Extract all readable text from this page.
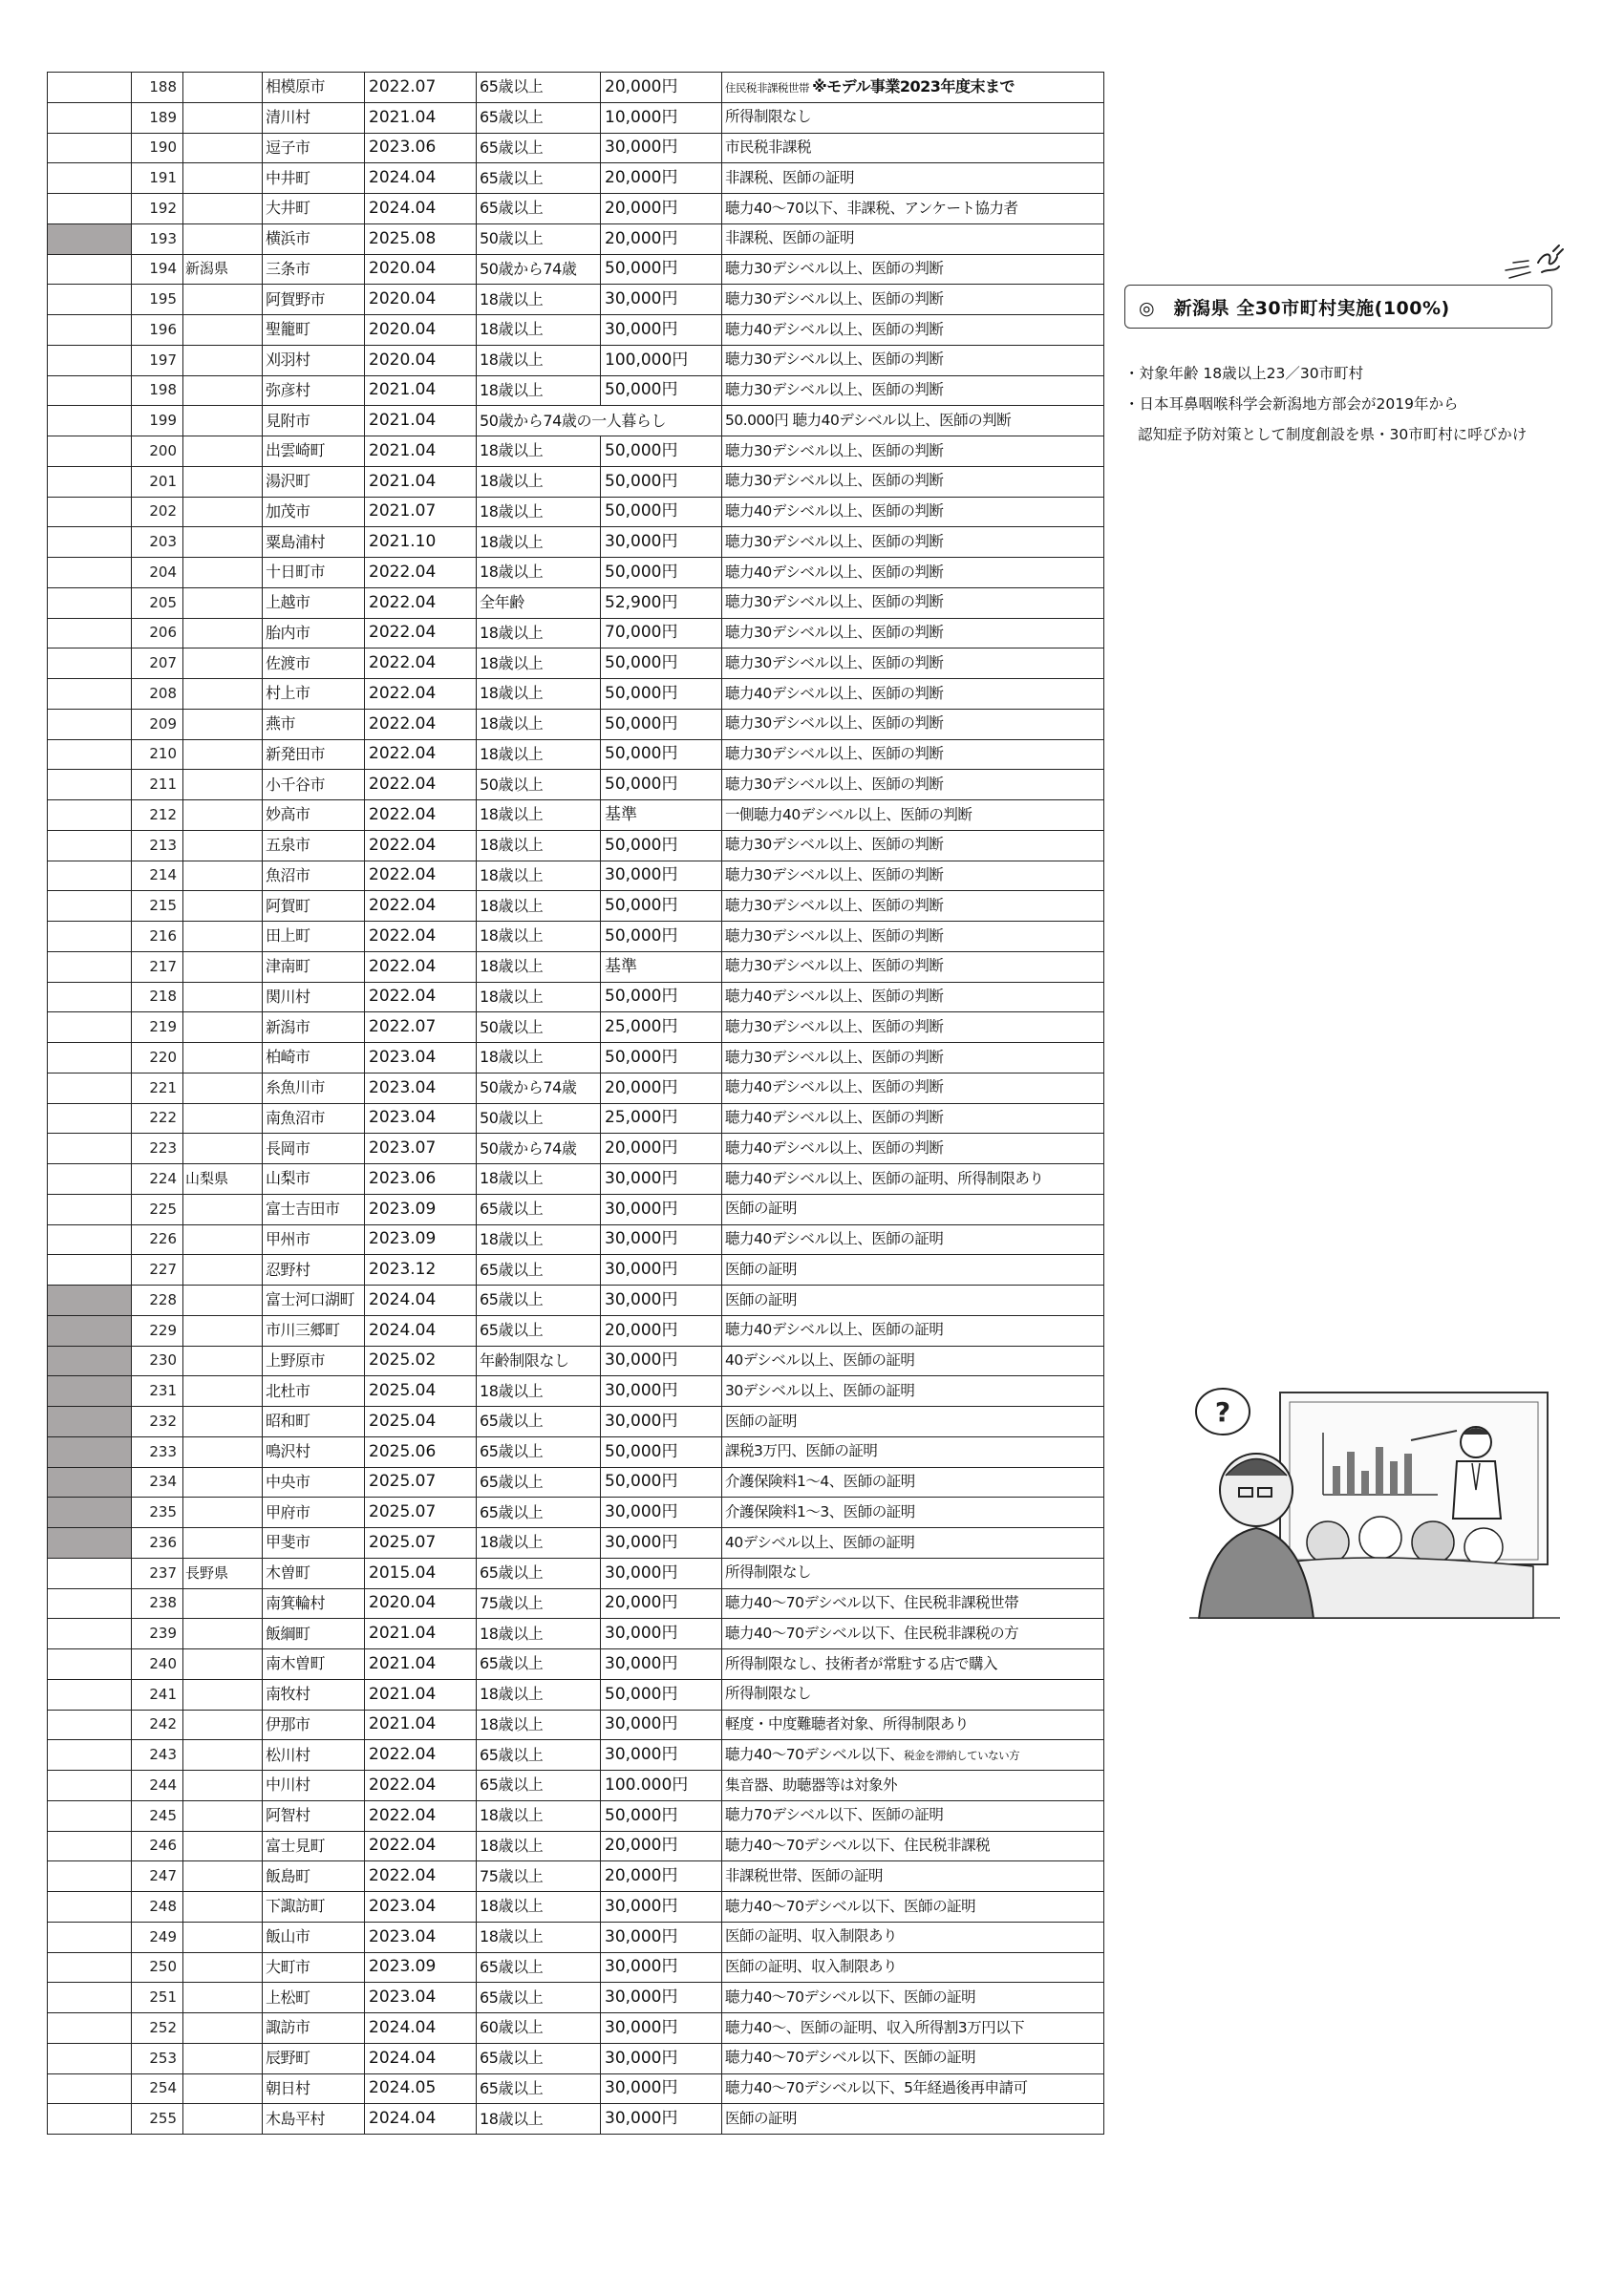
	188		相模原市	2022.07	65歳以上	20,000円	住民税非課税世帯 ※モデル事業2023年度末まで
	189		清川村	2021.04	65歳以上	10,000円	所得制限なし
	190		逗子市	2023.06	65歳以上	30,000円	市民税非課税
	191		中井町	2024.04	65歳以上	20,000円	非課税、医師の証明
	192		大井町	2024.04	65歳以上	20,000円	聴力40～70以下、非課税、アンケート協力者
	193		横浜市	2025.08	50歳以上	20,000円	非課税、医師の証明
	194	新潟県	三条市	2020.04	50歳から74歳	50,000円	聴力30デシベル以上、医師の判断
	195		阿賀野市	2020.04	18歳以上	30,000円	聴力30デシベル以上、医師の判断
	196		聖籠町	2020.04	18歳以上	30,000円	聴力40デシベル以上、医師の判断
	197		刈羽村	2020.04	18歳以上	100,000円	聴力30デシベル以上、医師の判断
	198		弥彦村	2021.04	18歳以上	50,000円	聴力30デシベル以上、医師の判断
	199		見附市	2021.04	50歳から74歳の一人暮らし		50.000円 聴力40デシベル以上、医師の判断
	200		出雲崎町	2021.04	18歳以上	50,000円	聴力30デシベル以上、医師の判断
	201		湯沢町	2021.04	18歳以上	50,000円	聴力30デシベル以上、医師の判断
	202		加茂市	2021.07	18歳以上	50,000円	聴力40デシベル以上、医師の判断
	203		粟島浦村	2021.10	18歳以上	30,000円	聴力30デシベル以上、医師の判断
	204		十日町市	2022.04	18歳以上	50,000円	聴力40デシベル以上、医師の判断
	205		上越市	2022.04	全年齢	52,900円	聴力30デシベル以上、医師の判断
	206		胎内市	2022.04	18歳以上	70,000円	聴力30デシベル以上、医師の判断
	207		佐渡市	2022.04	18歳以上	50,000円	聴力30デシベル以上、医師の判断
	208		村上市	2022.04	18歳以上	50,000円	聴力40デシベル以上、医師の判断
	209		燕市	2022.04	18歳以上	50,000円	聴力30デシベル以上、医師の判断
	210		新発田市	2022.04	18歳以上	50,000円	聴力30デシベル以上、医師の判断
	211		小千谷市	2022.04	50歳以上	50,000円	聴力30デシベル以上、医師の判断
	212		妙高市	2022.04	18歳以上	基準	一側聴力40デシベル以上、医師の判断
	213		五泉市	2022.04	18歳以上	50,000円	聴力30デシベル以上、医師の判断
	214		魚沼市	2022.04	18歳以上	30,000円	聴力30デシベル以上、医師の判断
	215		阿賀町	2022.04	18歳以上	50,000円	聴力30デシベル以上、医師の判断
	216		田上町	2022.04	18歳以上	50,000円	聴力30デシベル以上、医師の判断
	217		津南町	2022.04	18歳以上	基準	聴力30デシベル以上、医師の判断
	218		関川村	2022.04	18歳以上	50,000円	聴力40デシベル以上、医師の判断
	219		新潟市	2022.07	50歳以上	25,000円	聴力30デシベル以上、医師の判断
	220		柏崎市	2023.04	18歳以上	50,000円	聴力30デシベル以上、医師の判断
	221		糸魚川市	2023.04	50歳から74歳	20,000円	聴力40デシベル以上、医師の判断
	222		南魚沼市	2023.04	50歳以上	25,000円	聴力40デシベル以上、医師の判断
	223		長岡市	2023.07	50歳から74歳	20,000円	聴力40デシベル以上、医師の判断
	224	山梨県	山梨市	2023.06	18歳以上	30,000円	聴力40デシベル以上、医師の証明、所得制限あり
	225		富士吉田市	2023.09	65歳以上	30,000円	医師の証明
	226		甲州市	2023.09	18歳以上	30,000円	聴力40デシベル以上、医師の証明
	227		忍野村	2023.12	65歳以上	30,000円	医師の証明
	228		富士河口湖町	2024.04	65歳以上	30,000円	医師の証明
	229		市川三郷町	2024.04	65歳以上	20,000円	聴力40デシベル以上、医師の証明
	230		上野原市	2025.02	年齢制限なし	30,000円	40デシベル以上、医師の証明
	231		北杜市	2025.04	18歳以上	30,000円	30デシベル以上、医師の証明
	232		昭和町	2025.04	65歳以上	30,000円	医師の証明
	233		鳴沢村	2025.06	65歳以上	50,000円	課税3万円、医師の証明
	234		中央市	2025.07	65歳以上	50,000円	介護保険料1～4、医師の証明
	235		甲府市	2025.07	65歳以上	30,000円	介護保険料1～3、医師の証明
	236		甲斐市	2025.07	18歳以上	30,000円	40デシベル以上、医師の証明
	237	長野県	木曽町	2015.04	65歳以上	30,000円	所得制限なし
	238		南箕輪村	2020.04	75歳以上	20,000円	聴力40～70デシベル以下、住民税非課税世帯
	239		飯綱町	2021.04	18歳以上	30,000円	聴力40～70デシベル以下、住民税非課税の方
	240		南木曽町	2021.04	65歳以上	30,000円	所得制限なし、技術者が常駐する店で購入
	241		南牧村	2021.04	18歳以上	50,000円	所得制限なし
	242		伊那市	2021.04	18歳以上	30,000円	軽度・中度難聴者対象、所得制限あり
	243		松川村	2022.04	65歳以上	30,000円	聴力40～70デシベル以下、税金を滞納していない方
	244		中川村	2022.04	65歳以上	100.000円	集音器、助聴器等は対象外
	245		阿智村	2022.04	18歳以上	50,000円	聴力70デシベル以下、医師の証明
	246		富士見町	2022.04	18歳以上	20,000円	聴力40～70デシベル以下、住民税非課税
	247		飯島町	2022.04	75歳以上	20,000円	非課税世帯、医師の証明
	248		下諏訪町	2023.04	18歳以上	30,000円	聴力40～70デシベル以下、医師の証明
	249		飯山市	2023.04	18歳以上	30,000円	医師の証明、収入制限あり
	250		大町市	2023.09	65歳以上	30,000円	医師の証明、収入制限あり
	251		上松町	2023.04	65歳以上	30,000円	聴力40～70デシベル以下、医師の証明
	252		諏訪市	2024.04	60歳以上	30,000円	聴力40～、医師の証明、収入所得割3万円以下
	253		辰野町	2024.04	65歳以上	30,000円	聴力40～70デシベル以下、医師の証明
	254		朝日村	2024.05	65歳以上	30,000円	聴力40～70デシベル以下、5年経過後再申請可
	255		木島平村	2024.04	18歳以上	30,000円	医師の証明
◎　新潟県 全30市町村実施(100%)
・対象年齢 18歳以上23／30市町村
・日本耳鼻咽喉科学会新潟地方部会が2019年から
認知症予防対策として制度創設を県・30市町村に呼びかけ
?
